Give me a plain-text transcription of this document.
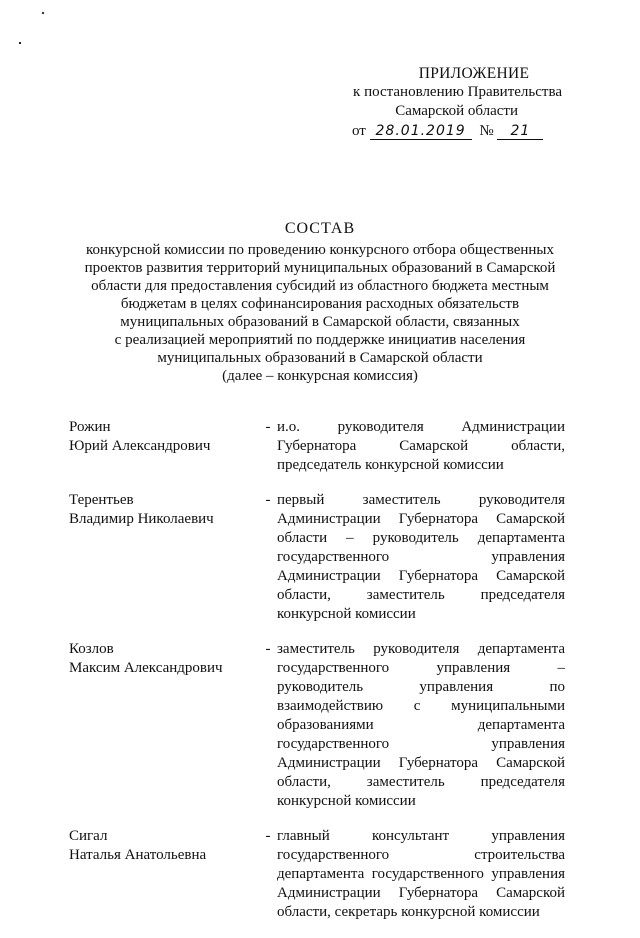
ПРИЛОЖЕНИЕ
к постановлению Правительства
Самарской области
от 28.01.2019 № 21
СОСТАВ
конкурсной комиссии по проведению конкурсного отбора общественных
проектов развития территорий муниципальных образований в Самарской
области для предоставления субсидий из областного бюджета местным
бюджетам в целях софинансирования расходных обязательств
муниципальных образований в Самарской области, связанных
с реализацией мероприятий по поддержке инициатив населения
муниципальных образований в Самарской области
(далее – конкурсная комиссия)
Рожин
Юрий Александрович
- и.о. руководителя Администрации Губернатора Самарской области, председатель конкурсной комиссии
Терентьев
Владимир Николаевич
- первый заместитель руководителя Администрации Губернатора Самарской области – руководитель департамента государственного управления Администрации Губернатора Самарской области, заместитель председателя конкурсной комиссии
Козлов
Максим Александрович
- заместитель руководителя департамента государственного управления – руководитель управления по взаимодействию с муниципальными образованиями департамента государственного управления Администрации Губернатора Самарской области, заместитель председателя конкурсной комиссии
Сигал
Наталья Анатольевна
- главный консультант управления государственного строительства департамента государственного управления Администрации Губернатора Самарской области, секретарь конкурсной комиссии
